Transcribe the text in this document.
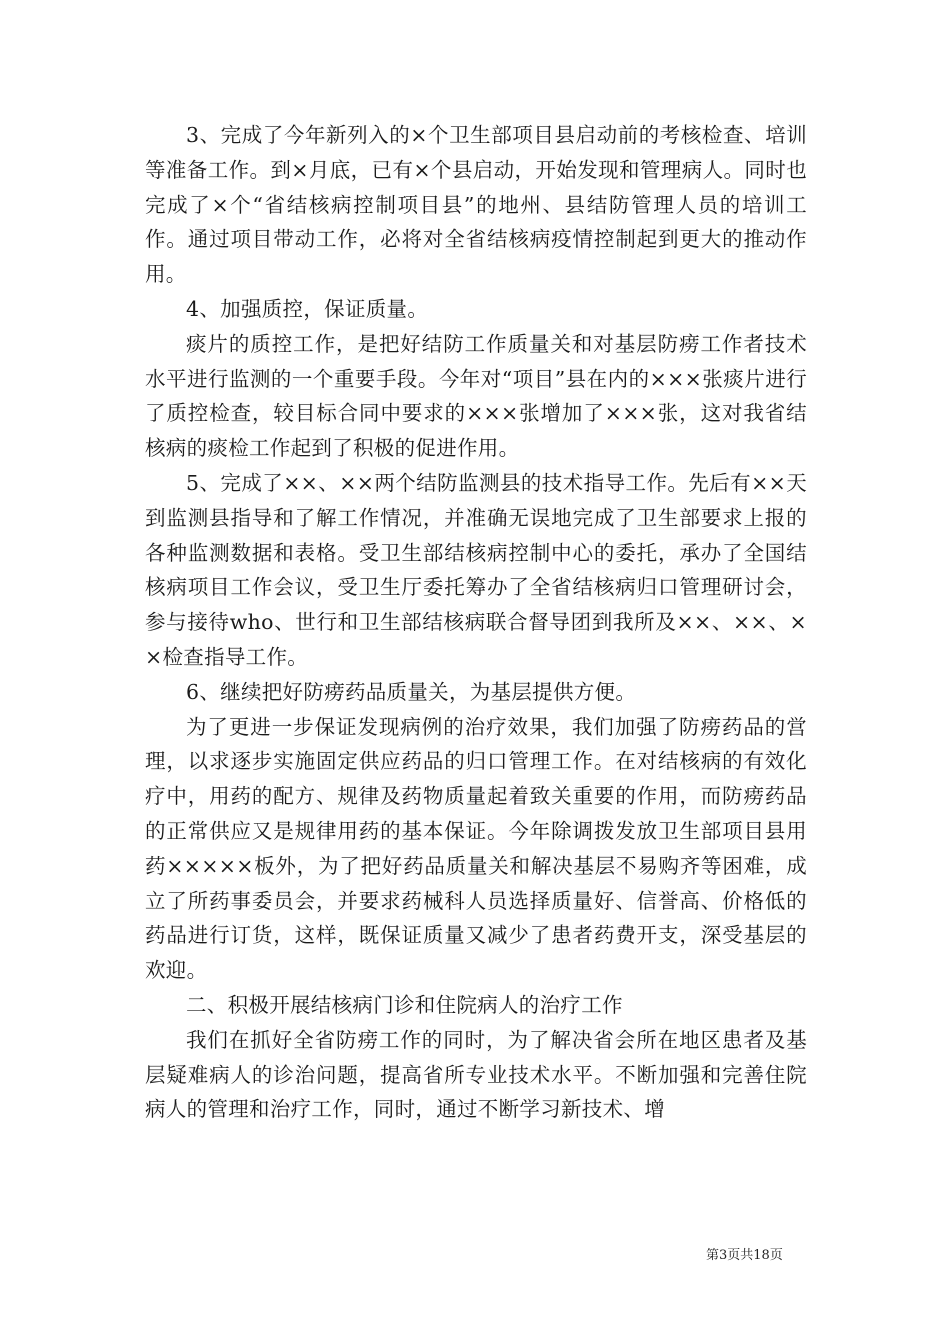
3、完成了今年新列入的×个卫生部项目县启动前的考核检查、培训等准备工作。到×月底，已有×个县启动，开始发现和管理病人。同时也完成了×个“省结核病控制项目县”的地州、县结防管理人员的培训工作。通过项目带动工作，必将对全省结核病疫情控制起到更大的推动作用。

4、加强质控，保证质量。

痰片的质控工作，是把好结防工作质量关和对基层防痨工作者技术水平进行监测的一个重要手段。今年对“项目”县在内的×××张痰片进行了质控检查，较目标合同中要求的×××张增加了×××张，这对我省结核病的痰检工作起到了积极的促进作用。

5、完成了××、××两个结防监测县的技术指导工作。先后有××天到监测县指导和了解工作情况，并准确无误地完成了卫生部要求上报的各种监测数据和表格。受卫生部结核病控制中心的委托，承办了全国结核病项目工作会议，受卫生厅委托筹办了全省结核病归口管理研讨会，参与接待who、世行和卫生部结核病联合督导团到我所及××、××、××检查指导工作。

6、继续把好防痨药品质量关，为基层提供方便。

为了更进一步保证发现病例的治疗效果，我们加强了防痨药品的営理，以求逐步实施固定供应药品的归口管理工作。在对结核病的有效化疗中，用药的配方、规律及药物质量起着致关重要的作用，而防痨药品的正常供应又是规律用药的基本保证。今年除调拨发放卫生部项目县用药×××××板外，为了把好药品质量关和解决基层不易购齐等困难，成立了所药事委员会，并要求药械科人员选择质量好、信誉高、价格低的药品进行订货，这样，既保证质量又减少了患者药费开支，深受基层的欢迎。

二、积极开展结核病门诊和住院病人的治疗工作

我们在抓好全省防痨工作的同时，为了解决省会所在地区患者及基层疑难病人的诊治问题，提高省所专业技术水平。不断加强和完善住院病人的管理和治疗工作，同时，通过不断学习新技术、增

第3页共18页
